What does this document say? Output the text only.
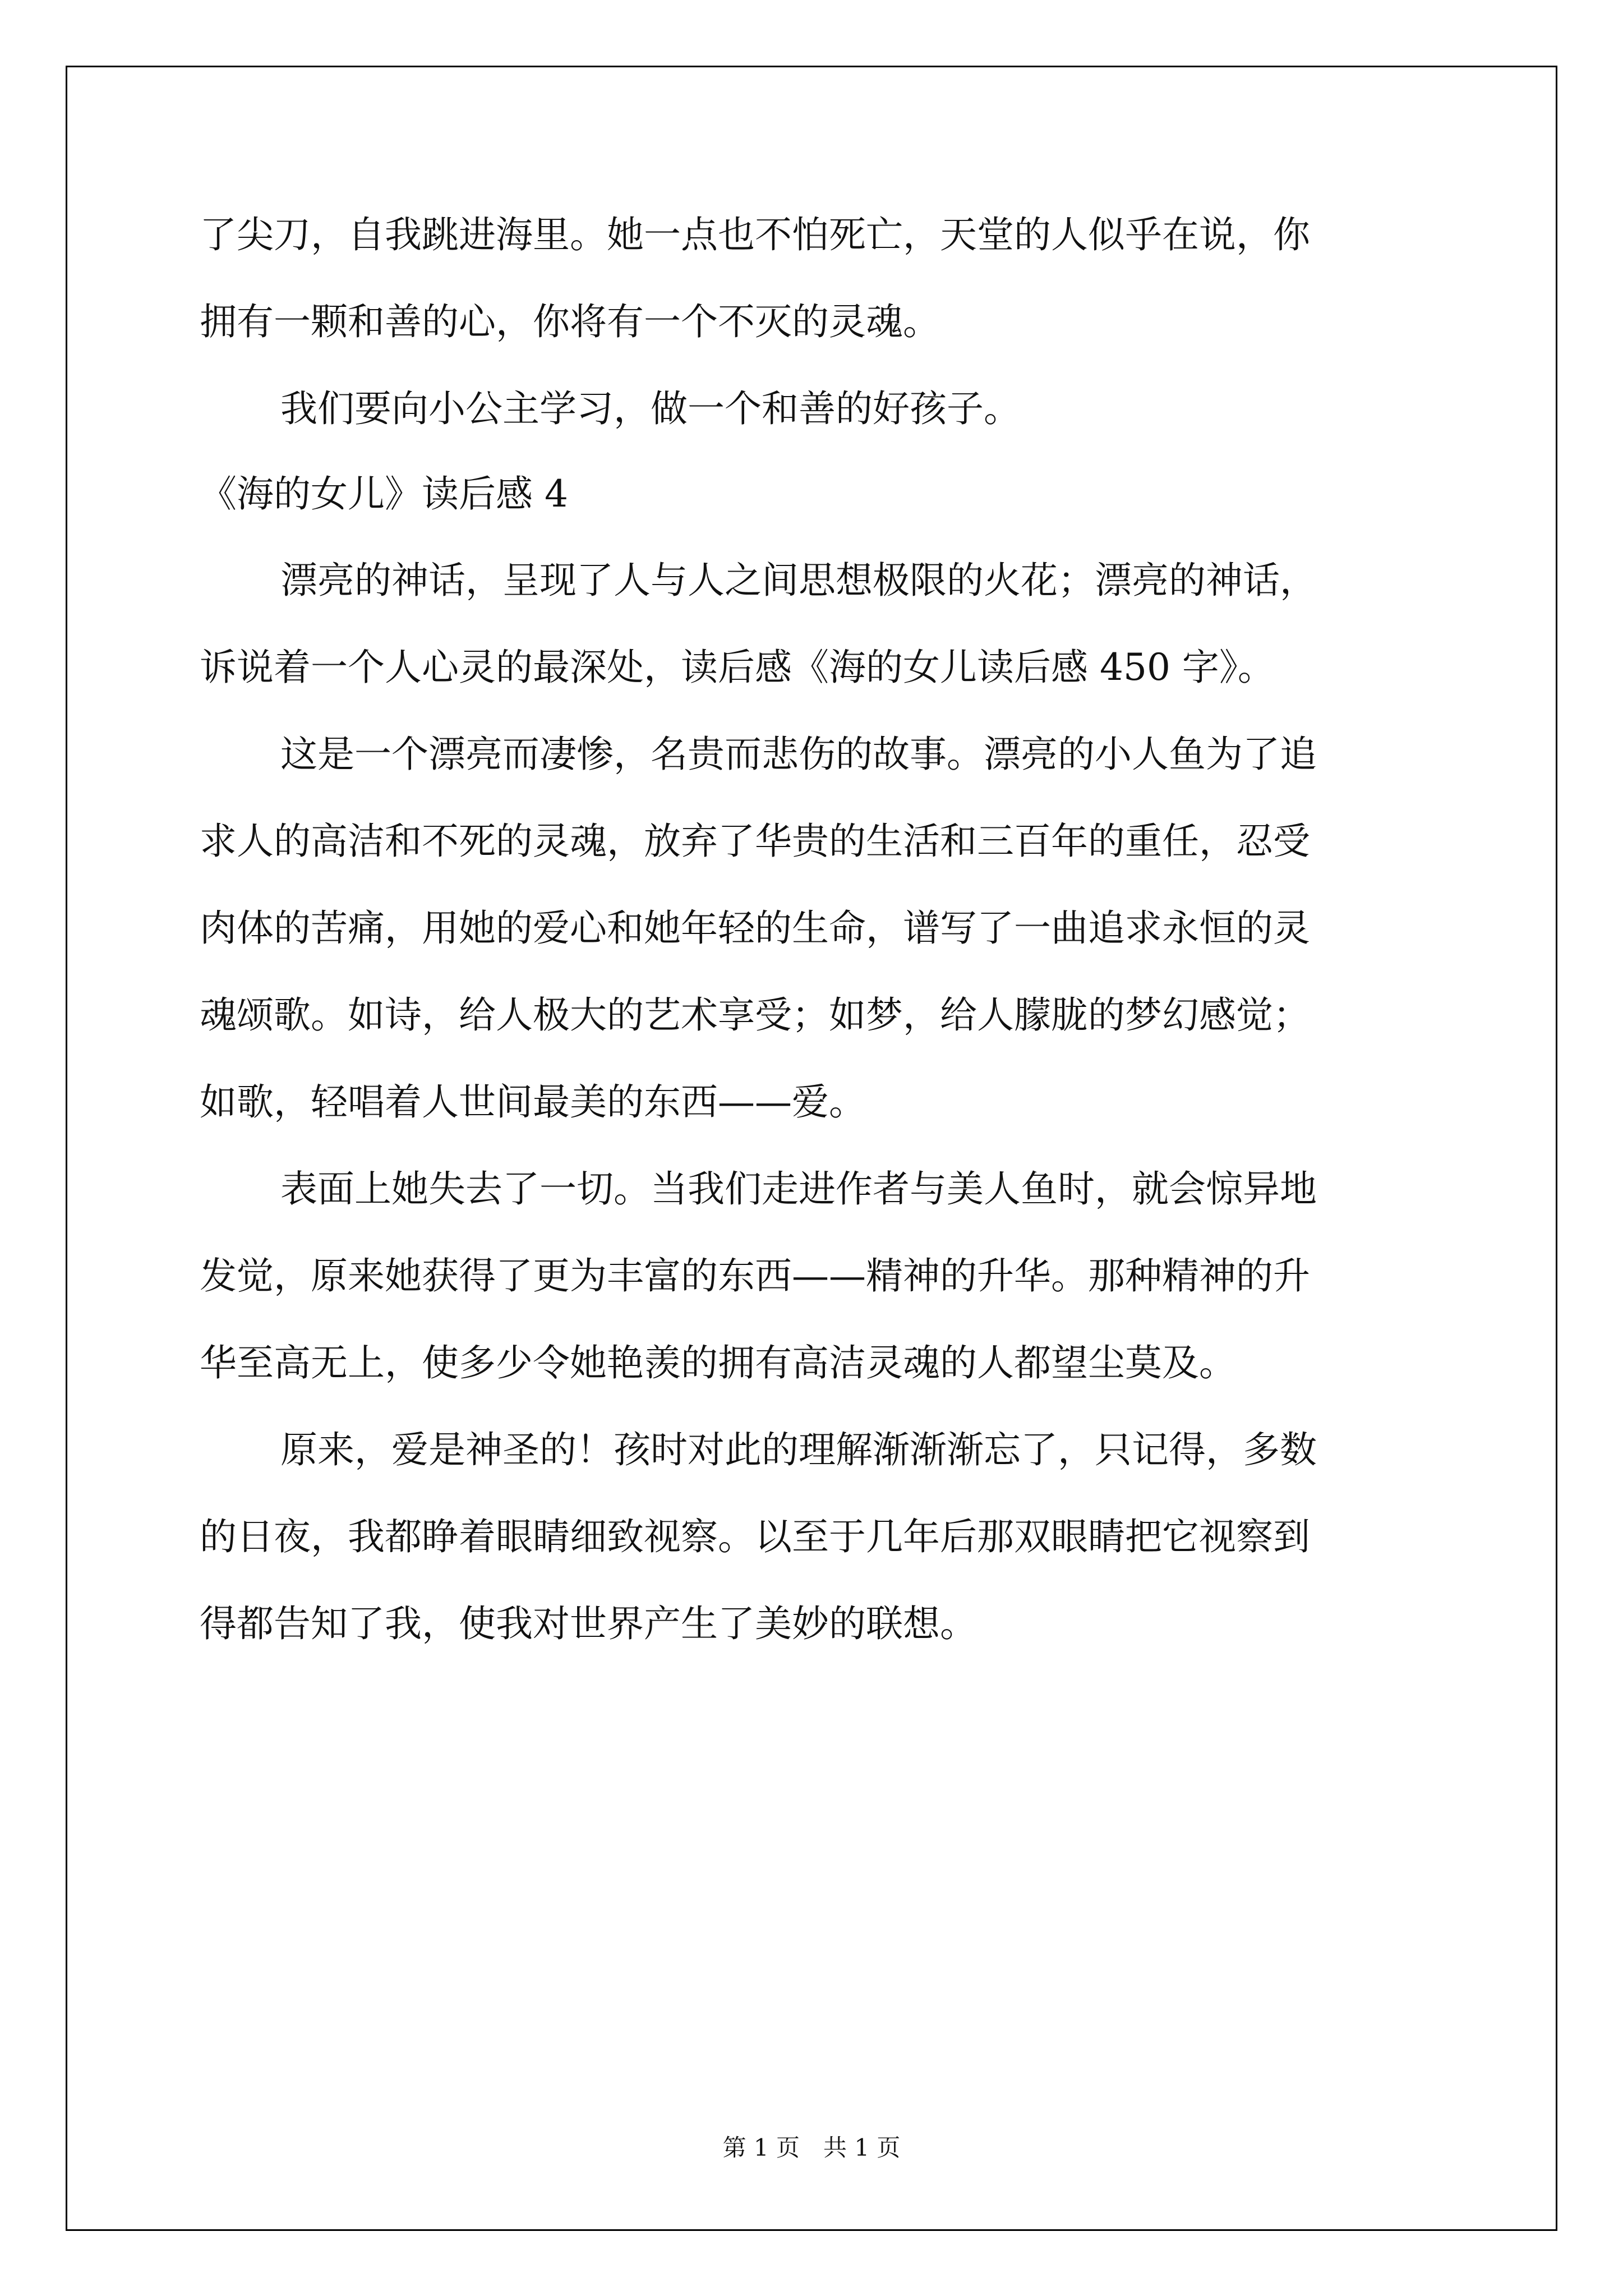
了尖刀，自我跳进海里。她一点也不怕死亡，天堂的人似乎在说，你
拥有一颗和善的心，你将有一个不灭的灵魂。
我们要向小公主学习，做一个和善的好孩子。
《海的女儿》读后感 4
漂亮的神话，呈现了人与人之间思想极限的火花；漂亮的神话，
诉说着一个人心灵的最深处，读后感《海的女儿读后感 450 字》。
这是一个漂亮而凄惨，名贵而悲伤的故事。漂亮的小人鱼为了追
求人的高洁和不死的灵魂，放弃了华贵的生活和三百年的重任，忍受
肉体的苦痛，用她的爱心和她年轻的生命，谱写了一曲追求永恒的灵
魂颂歌。如诗，给人极大的艺术享受；如梦，给人朦胧的梦幻感觉；
如歌，轻唱着人世间最美的东西——爱。
表面上她失去了一切。当我们走进作者与美人鱼时，就会惊异地
发觉，原来她获得了更为丰富的东西——精神的升华。那种精神的升
华至高无上，使多少令她艳羡的拥有高洁灵魂的人都望尘莫及。
原来，爱是神圣的！孩时对此的理解渐渐渐忘了，只记得，多数
的日夜，我都睁着眼睛细致视察。以至于几年后那双眼睛把它视察到
得都告知了我，使我对世界产生了美妙的联想。
第 1 页　共 1 页
